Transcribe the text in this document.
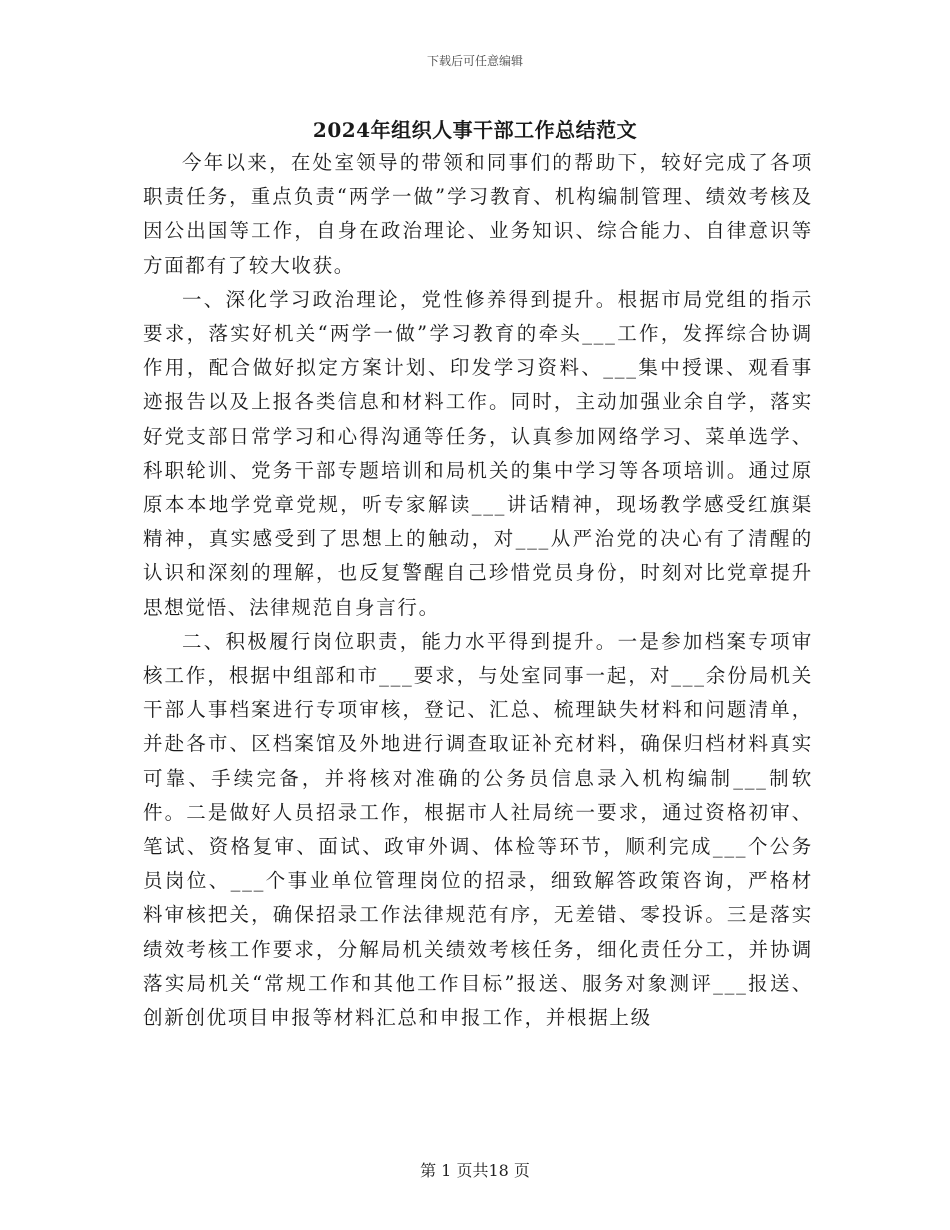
下载后可任意编辑
2024年组织人事干部工作总结范文

今年以来，在处室领导的带领和同事们的帮助下，较好完成了各项职责任务，重点负责“两学一做”学习教育、机构编制管理、绩效考核及因公出国等工作，自身在政治理论、业务知识、综合能力、自律意识等方面都有了较大收获。

一、深化学习政治理论，党性修养得到提升。根据市局党组的指示要求，落实好机关“两学一做”学习教育的牵头___工作，发挥综合协调作用，配合做好拟定方案计划、印发学习资料、___集中授课、观看事迹报告以及上报各类信息和材料工作。同时，主动加强业余自学，落实好党支部日常学习和心得沟通等任务，认真参加网络学习、菜单选学、科职轮训、党务干部专题培训和局机关的集中学习等各项培训。通过原原本本地学党章党规，听专家解读___讲话精神，现场教学感受红旗渠精神，真实感受到了思想上的触动，对___从严治党的决心有了清醒的认识和深刻的理解，也反复警醒自己珍惜党员身份，时刻对比党章提升思想觉悟、法律规范自身言行。

二、积极履行岗位职责，能力水平得到提升。一是参加档案专项审核工作，根据中组部和市___要求，与处室同事一起，对___余份局机关干部人事档案进行专项审核，登记、汇总、梳理缺失材料和问题清单，并赴各市、区档案馆及外地进行调查取证补充材料，确保归档材料真实可靠、手续完备，并将核对准确的公务员信息录入机构编制___制软件。二是做好人员招录工作，根据市人社局统一要求，通过资格初审、笔试、资格复审、面试、政审外调、体检等环节，顺利完成___个公务员岗位、___个事业单位管理岗位的招录，细致解答政策咨询，严格材料审核把关，确保招录工作法律规范有序，无差错、零投诉。三是落实绩效考核工作要求，分解局机关绩效考核任务，细化责任分工，并协调落实局机关“常规工作和其他工作目标”报送、服务对象测评___报送、创新创优项目申报等材料汇总和申报工作，并根据上级

第 1 页共18 页
